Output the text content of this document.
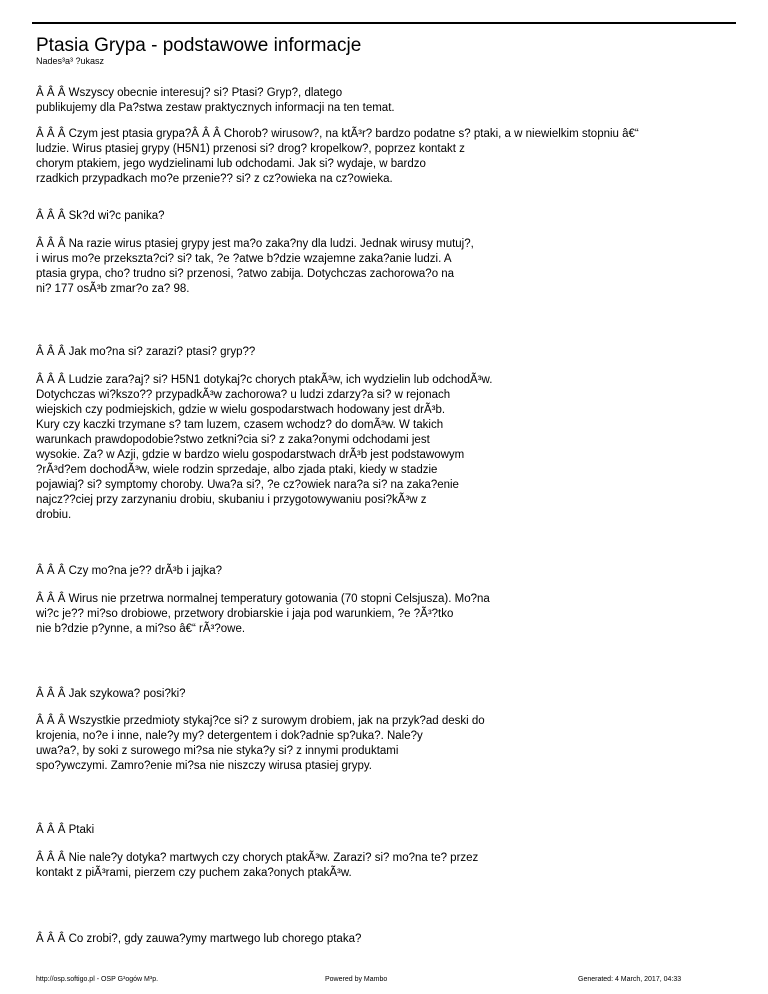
Ptasia Grypa - podstawowe informacje
Nades³a³ ?ukasz

Â Â Â Wszyscy obecnie interesuj? si? Ptasi? Gryp?, dlatego
publikujemy dla Pa?stwa zestaw praktycznych informacji na ten temat.

Â Â Â Czym jest ptasia grypa?Â Â Â Chorob? wirusow?, na ktÃ³r? bardzo podatne s? ptaki, a w niewielkim stopniu â€“
ludzie. Wirus ptasiej grypy (H5N1) przenosi si? drog? kropelkow?, poprzez kontakt z
chorym ptakiem, jego wydzielinami lub odchodami. Jak si? wydaje, w bardzo
rzadkich przypadkach mo?e przenie?? si? z cz?owieka na cz?owieka.

Â Â Â Sk?d wi?c panika?

Â Â Â Na razie wirus ptasiej grypy jest ma?o zaka?ny dla ludzi. Jednak wirusy mutuj?,
i wirus mo?e przekszta?ci? si? tak, ?e ?atwe b?dzie wzajemne zaka?anie ludzi. A
ptasia grypa, cho? trudno si? przenosi, ?atwo zabija. Dotychczas zachorowa?o na
ni? 177 osÃ³b zmar?o za? 98.

Â Â Â Jak mo?na si? zarazi? ptasi? gryp??

Â Â Â Ludzie zara?aj? si? H5N1 dotykaj?c chorych ptakÃ³w, ich wydzielin lub odchodÃ³w.
Dotychczas wi?kszo?? przypadkÃ³w zachorowa? u ludzi zdarzy?a si? w rejonach
wiejskich czy podmiejskich, gdzie w wielu gospodarstwach hodowany jest drÃ³b.
Kury czy kaczki trzymane s? tam luzem, czasem wchodz? do domÃ³w. W takich
warunkach prawdopodobie?stwo zetkni?cia si? z zaka?onymi odchodami jest
wysokie. Za? w Azji, gdzie w bardzo wielu gospodarstwach drÃ³b jest podstawowym
?rÃ³d?em dochodÃ³w, wiele rodzin sprzedaje, albo zjada ptaki, kiedy w stadzie
pojawiaj? si? symptomy choroby. Uwa?a si?, ?e cz?owiek nara?a si? na zaka?enie
najcz??ciej przy zarzynaniu drobiu, skubaniu i przygotowywaniu posi?kÃ³w z
drobiu.

Â Â Â Czy mo?na je?? drÃ³b i jajka?

Â Â Â Wirus nie przetrwa normalnej temperatury gotowania (70 stopni Celsjusza). Mo?na
wi?c je?? mi?so drobiowe, przetwory drobiarskie i jaja pod warunkiem, ?e ?Ã³?tko
nie b?dzie p?ynne, a mi?so â€“ rÃ³?owe.

Â Â Â Jak szykowa? posi?ki?

Â Â Â Wszystkie przedmioty stykaj?ce si? z surowym drobiem, jak na przyk?ad deski do
krojenia, no?e i inne, nale?y my? detergentem i dok?adnie sp?uka?. Nale?y
uwa?a?, by soki z surowego mi?sa nie styka?y si? z innymi produktami
spo?ywczymi. Zamro?enie mi?sa nie niszczy wirusa ptasiej grypy.

Â Â Â Ptaki

Â Â Â Nie nale?y dotyka? martwych czy chorych ptakÃ³w. Zarazi? si? mo?na te? przez
kontakt z piÃ³rami, pierzem czy puchem zaka?onych ptakÃ³w.

Â Â Â Co zrobi?, gdy zauwa?ymy martwego lub chorego ptaka?

http://osp.softigo.pl - OSP G³ogów M³p.	Powered by Mambo	Generated: 4 March, 2017, 04:33
